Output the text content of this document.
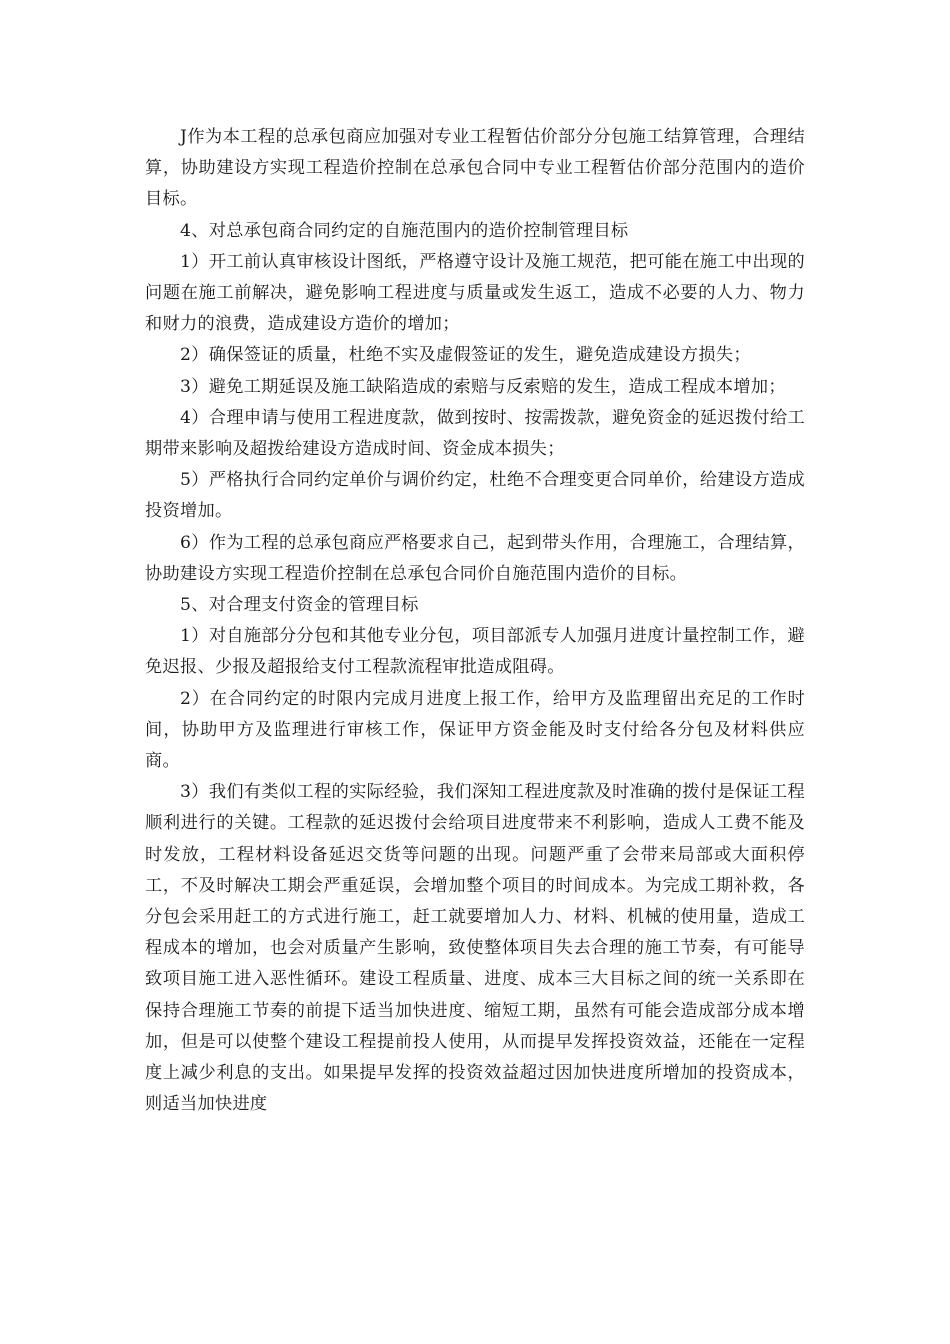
J作为本工程的总承包商应加强对专业工程暂估价部分分包施工结算管理，合理结算，协助建设方实现工程造价控制在总承包合同中专业工程暂估价部分范围内的造价目标。

4、对总承包商合同约定的自施范围内的造价控制管理目标

1）开工前认真审核设计图纸，严格遵守设计及施工规范，把可能在施工中出现的问题在施工前解决，避免影响工程进度与质量或发生返工，造成不必要的人力、物力和财力的浪费，造成建设方造价的增加；

2）确保签证的质量，杜绝不实及虚假签证的发生，避免造成建设方损失；

3）避免工期延误及施工缺陷造成的索赔与反索赔的发生，造成工程成本增加；

4）合理申请与使用工程进度款，做到按时、按需拨款，避免资金的延迟拨付给工期带来影响及超拨给建设方造成时间、资金成本损失；

5）严格执行合同约定单价与调价约定，杜绝不合理变更合同单价，给建设方造成投资增加。

6）作为工程的总承包商应严格要求自己，起到带头作用，合理施工，合理结算，协助建设方实现工程造价控制在总承包合同价自施范围内造价的目标。

5、对合理支付资金的管理目标

1）对自施部分分包和其他专业分包，项目部派专人加强月进度计量控制工作，避免迟报、少报及超报给支付工程款流程审批造成阻碍。

2）在合同约定的时限内完成月进度上报工作，给甲方及监理留出充足的工作时间，协助甲方及监理进行审核工作，保证甲方资金能及时支付给各分包及材料供应商。

3）我们有类似工程的实际经验，我们深知工程进度款及时准确的拨付是保证工程顺利进行的关键。工程款的延迟拨付会给项目进度带来不利影响，造成人工费不能及时发放，工程材料设备延迟交货等问题的出现。问题严重了会带来局部或大面积停工，不及时解决工期会严重延误，会增加整个项目的时间成本。为完成工期补救，各分包会采用赶工的方式进行施工，赶工就要增加人力、材料、机械的使用量，造成工程成本的增加，也会对质量产生影响，致使整体项目失去合理的施工节奏，有可能导致项目施工进入恶性循环。建设工程质量、进度、成本三大目标之间的统一关系即在保持合理施工节奏的前提下适当加快进度、缩短工期，虽然有可能会造成部分成本增加，但是可以使整个建设工程提前投人使用，从而提早发挥投资效益，还能在一定程度上减少利息的支出。如果提早发挥的投资效益超过因加快进度所增加的投资成本，则适当加快进度
